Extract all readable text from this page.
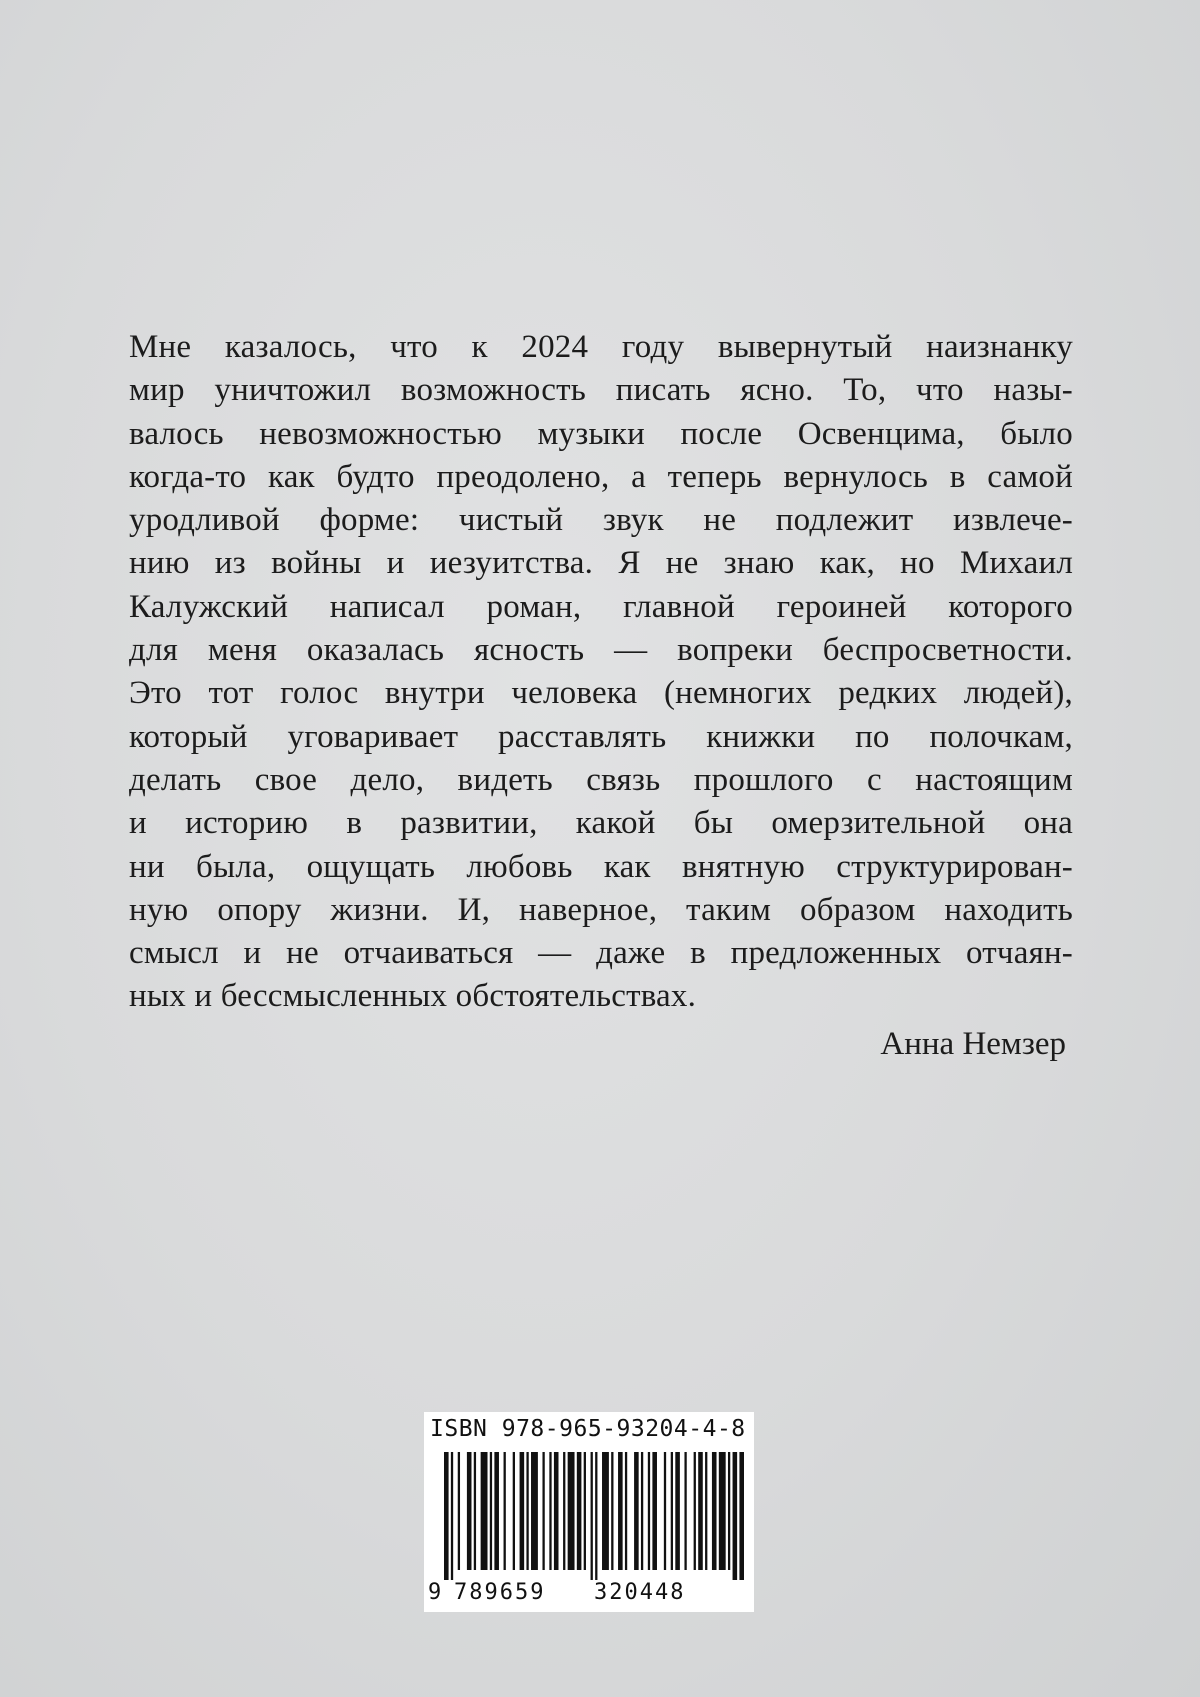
Мне казалось, что к 2024 году вывернутый наизнанку
мир уничтожил возможность писать ясно. То, что назы-
валось невозможностью музыки после Освенцима, было
когда-то как будто преодолено, а теперь вернулось в самой
уродливой форме: чистый звук не подлежит извлече-
нию из войны и иезуитства. Я не знаю как, но Михаил
Калужский написал роман, главной героиней которого
для меня оказалась ясность — вопреки беспросветности.
Это тот голос внутри человека (немногих редких людей),
который уговаривает расставлять книжки по полочкам,
делать свое дело, видеть связь прошлого с настоящим
и историю в развитии, какой бы омерзительной она
ни была, ощущать любовь как внятную структурирован-
ную опору жизни. И, наверное, таким образом находить
смысл и не отчаиваться — даже в предложенных отчаян-
ных и бессмысленных обстоятельствах.
Анна Немзер
ISBN 978-965-93204-4-8
9 789659 320448
